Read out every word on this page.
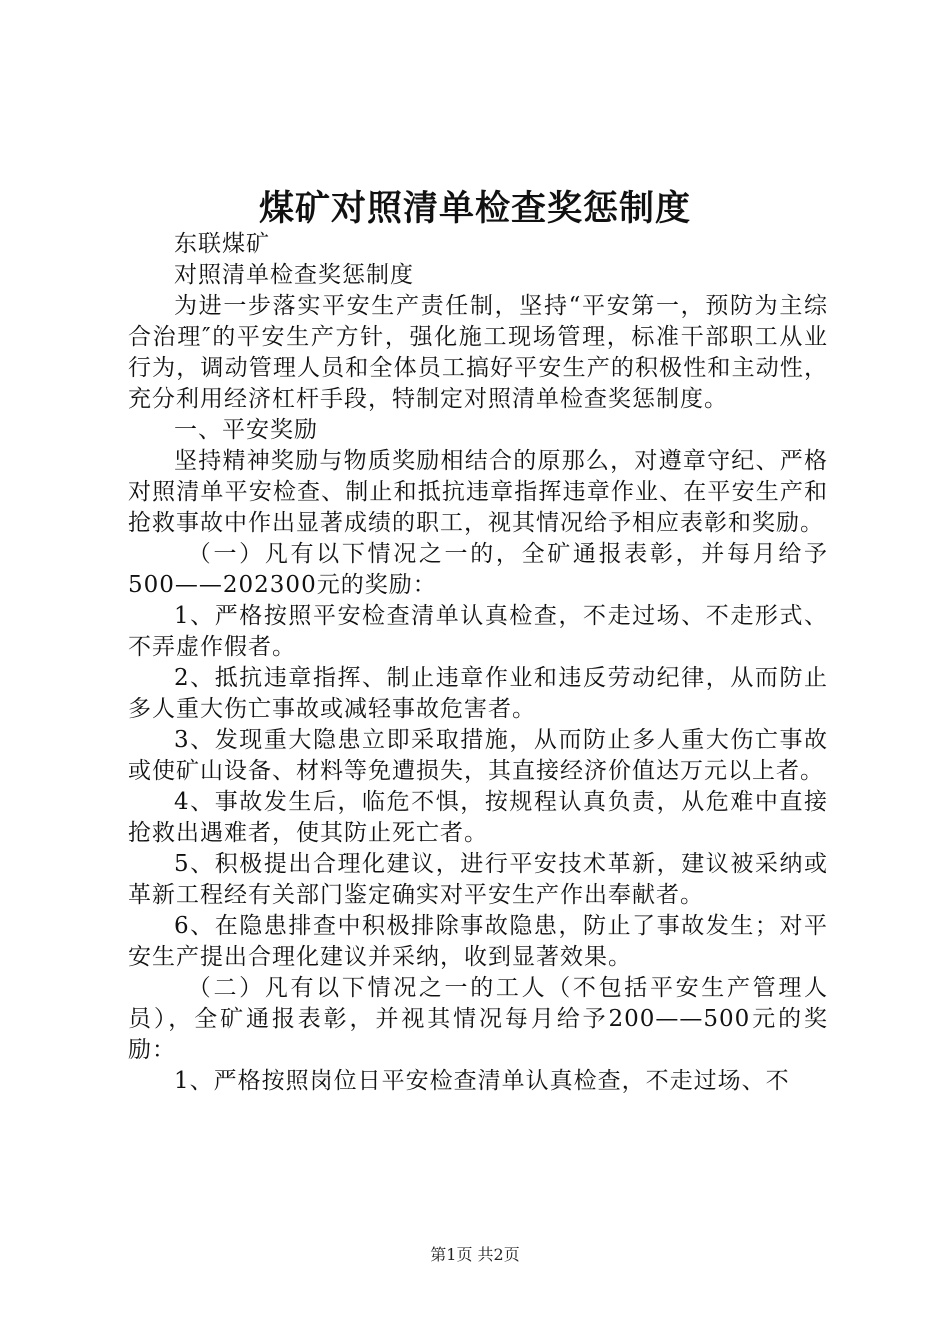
煤矿对照清单检查奖惩制度

东联煤矿

对照清单检查奖惩制度

为进一步落实平安生产责任制，坚持“平安第一，预防为主综合治理″的平安生产方针，强化施工现场管理，标准干部职工从业行为，调动管理人员和全体员工搞好平安生产的积极性和主动性，充分利用经济杠杆手段，特制定对照清单检查奖惩制度。

一、平安奖励

坚持精神奖励与物质奖励相结合的原那么，对遵章守纪、严格对照清单平安检查、制止和抵抗违章指挥违章作业、在平安生产和抢救事故中作出显著成绩的职工，视其情况给予相应表彰和奖励。

（一）凡有以下情况之一的，全矿通报表彰，并每月给予500——202300元的奖励：

1、严格按照平安检查清单认真检查，不走过场、不走形式、不弄虚作假者。

2、抵抗违章指挥、制止违章作业和违反劳动纪律，从而防止多人重大伤亡事故或减轻事故危害者。

3、发现重大隐患立即采取措施，从而防止多人重大伤亡事故或使矿山设备、材料等免遭损失，其直接经济价值达万元以上者。

4、事故发生后，临危不惧，按规程认真负责，从危难中直接抢救出遇难者，使其防止死亡者。

5、积极提出合理化建议，进行平安技术革新，建议被采纳或革新工程经有关部门鉴定确实对平安生产作出奉献者。

6、在隐患排查中积极排除事故隐患，防止了事故发生；对平安生产提出合理化建议并采纳，收到显著效果。

（二）凡有以下情况之一的工人（不包括平安生产管理人员），全矿通报表彰，并视其情况每月给予200——500元的奖励：

1、严格按照岗位日平安检查清单认真检查，不走过场、不

第1页 共2页
